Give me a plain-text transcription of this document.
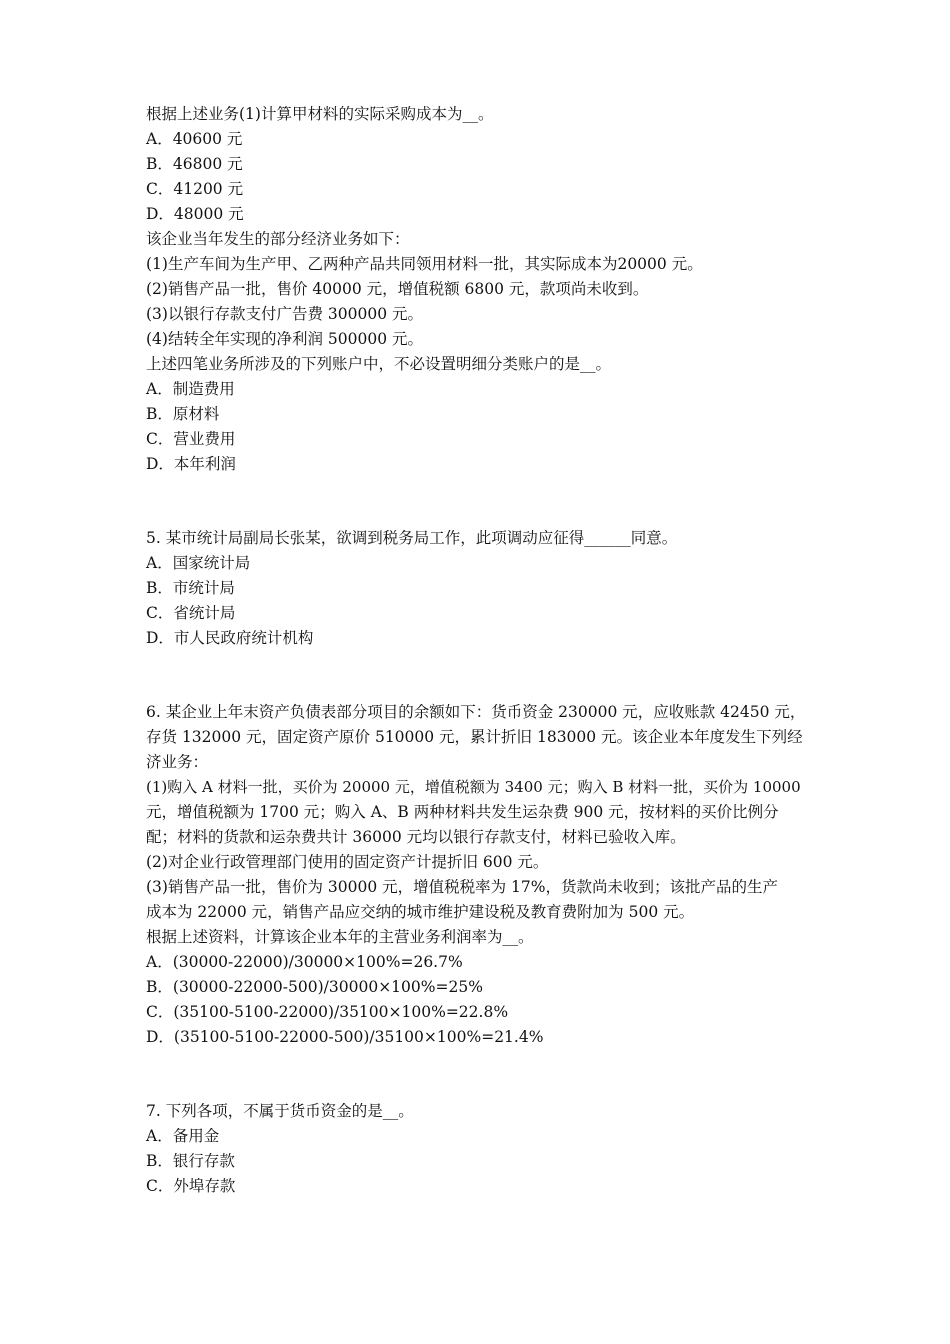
根据上述业务(1)计算甲材料的实际采购成本为__。
A．40600 元
B．46800 元
C．41200 元
D．48000 元
该企业当年发生的部分经济业务如下：
(1)生产车间为生产甲、乙两种产品共同领用材料一批，其实际成本为20000 元。
(2)销售产品一批，售价 40000 元，增值税额 6800 元，款项尚未收到。
(3)以银行存款支付广告费 300000 元。
(4)结转全年实现的净利润 500000 元。
上述四笔业务所涉及的下列账户中，不必设置明细分类账户的是__。
A．制造费用
B．原材料
C．营业费用
D．本年利润
5. 某市统计局副局长张某，欲调到税务局工作，此项调动应征得______同意。
A．国家统计局
B．市统计局
C．省统计局
D．市人民政府统计机构
6. 某企业上年末资产负债表部分项目的余额如下：货币资金 230000 元，应收账款 42450 元，
存货 132000 元，固定资产原价 510000 元，累计折旧 183000 元。该企业本年度发生下列经
济业务：
(1)购入 A 材料一批，买价为 20000 元，增值税额为 3400 元；购入 B 材料一批，买价为 10000
元，增值税额为 1700 元；购入 A、B 两种材料共发生运杂费 900 元，按材料的买价比例分
配；材料的货款和运杂费共计 36000 元均以银行存款支付，材料已验收入库。
(2)对企业行政管理部门使用的固定资产计提折旧 600 元。
(3)销售产品一批，售价为 30000 元，增值税税率为 17%，货款尚未收到；该批产品的生产
成本为 22000 元，销售产品应交纳的城市维护建设税及教育费附加为 500 元。
根据上述资料，计算该企业本年的主营业务利润率为__。
A．(30000-22000)/30000×100%=26.7%
B．(30000-22000-500)/30000×100%=25%
C．(35100-5100-22000)/35100×100%=22.8%
D．(35100-5100-22000-500)/35100×100%=21.4%
7. 下列各项，不属于货币资金的是__。
A．备用金
B．银行存款
C．外埠存款
